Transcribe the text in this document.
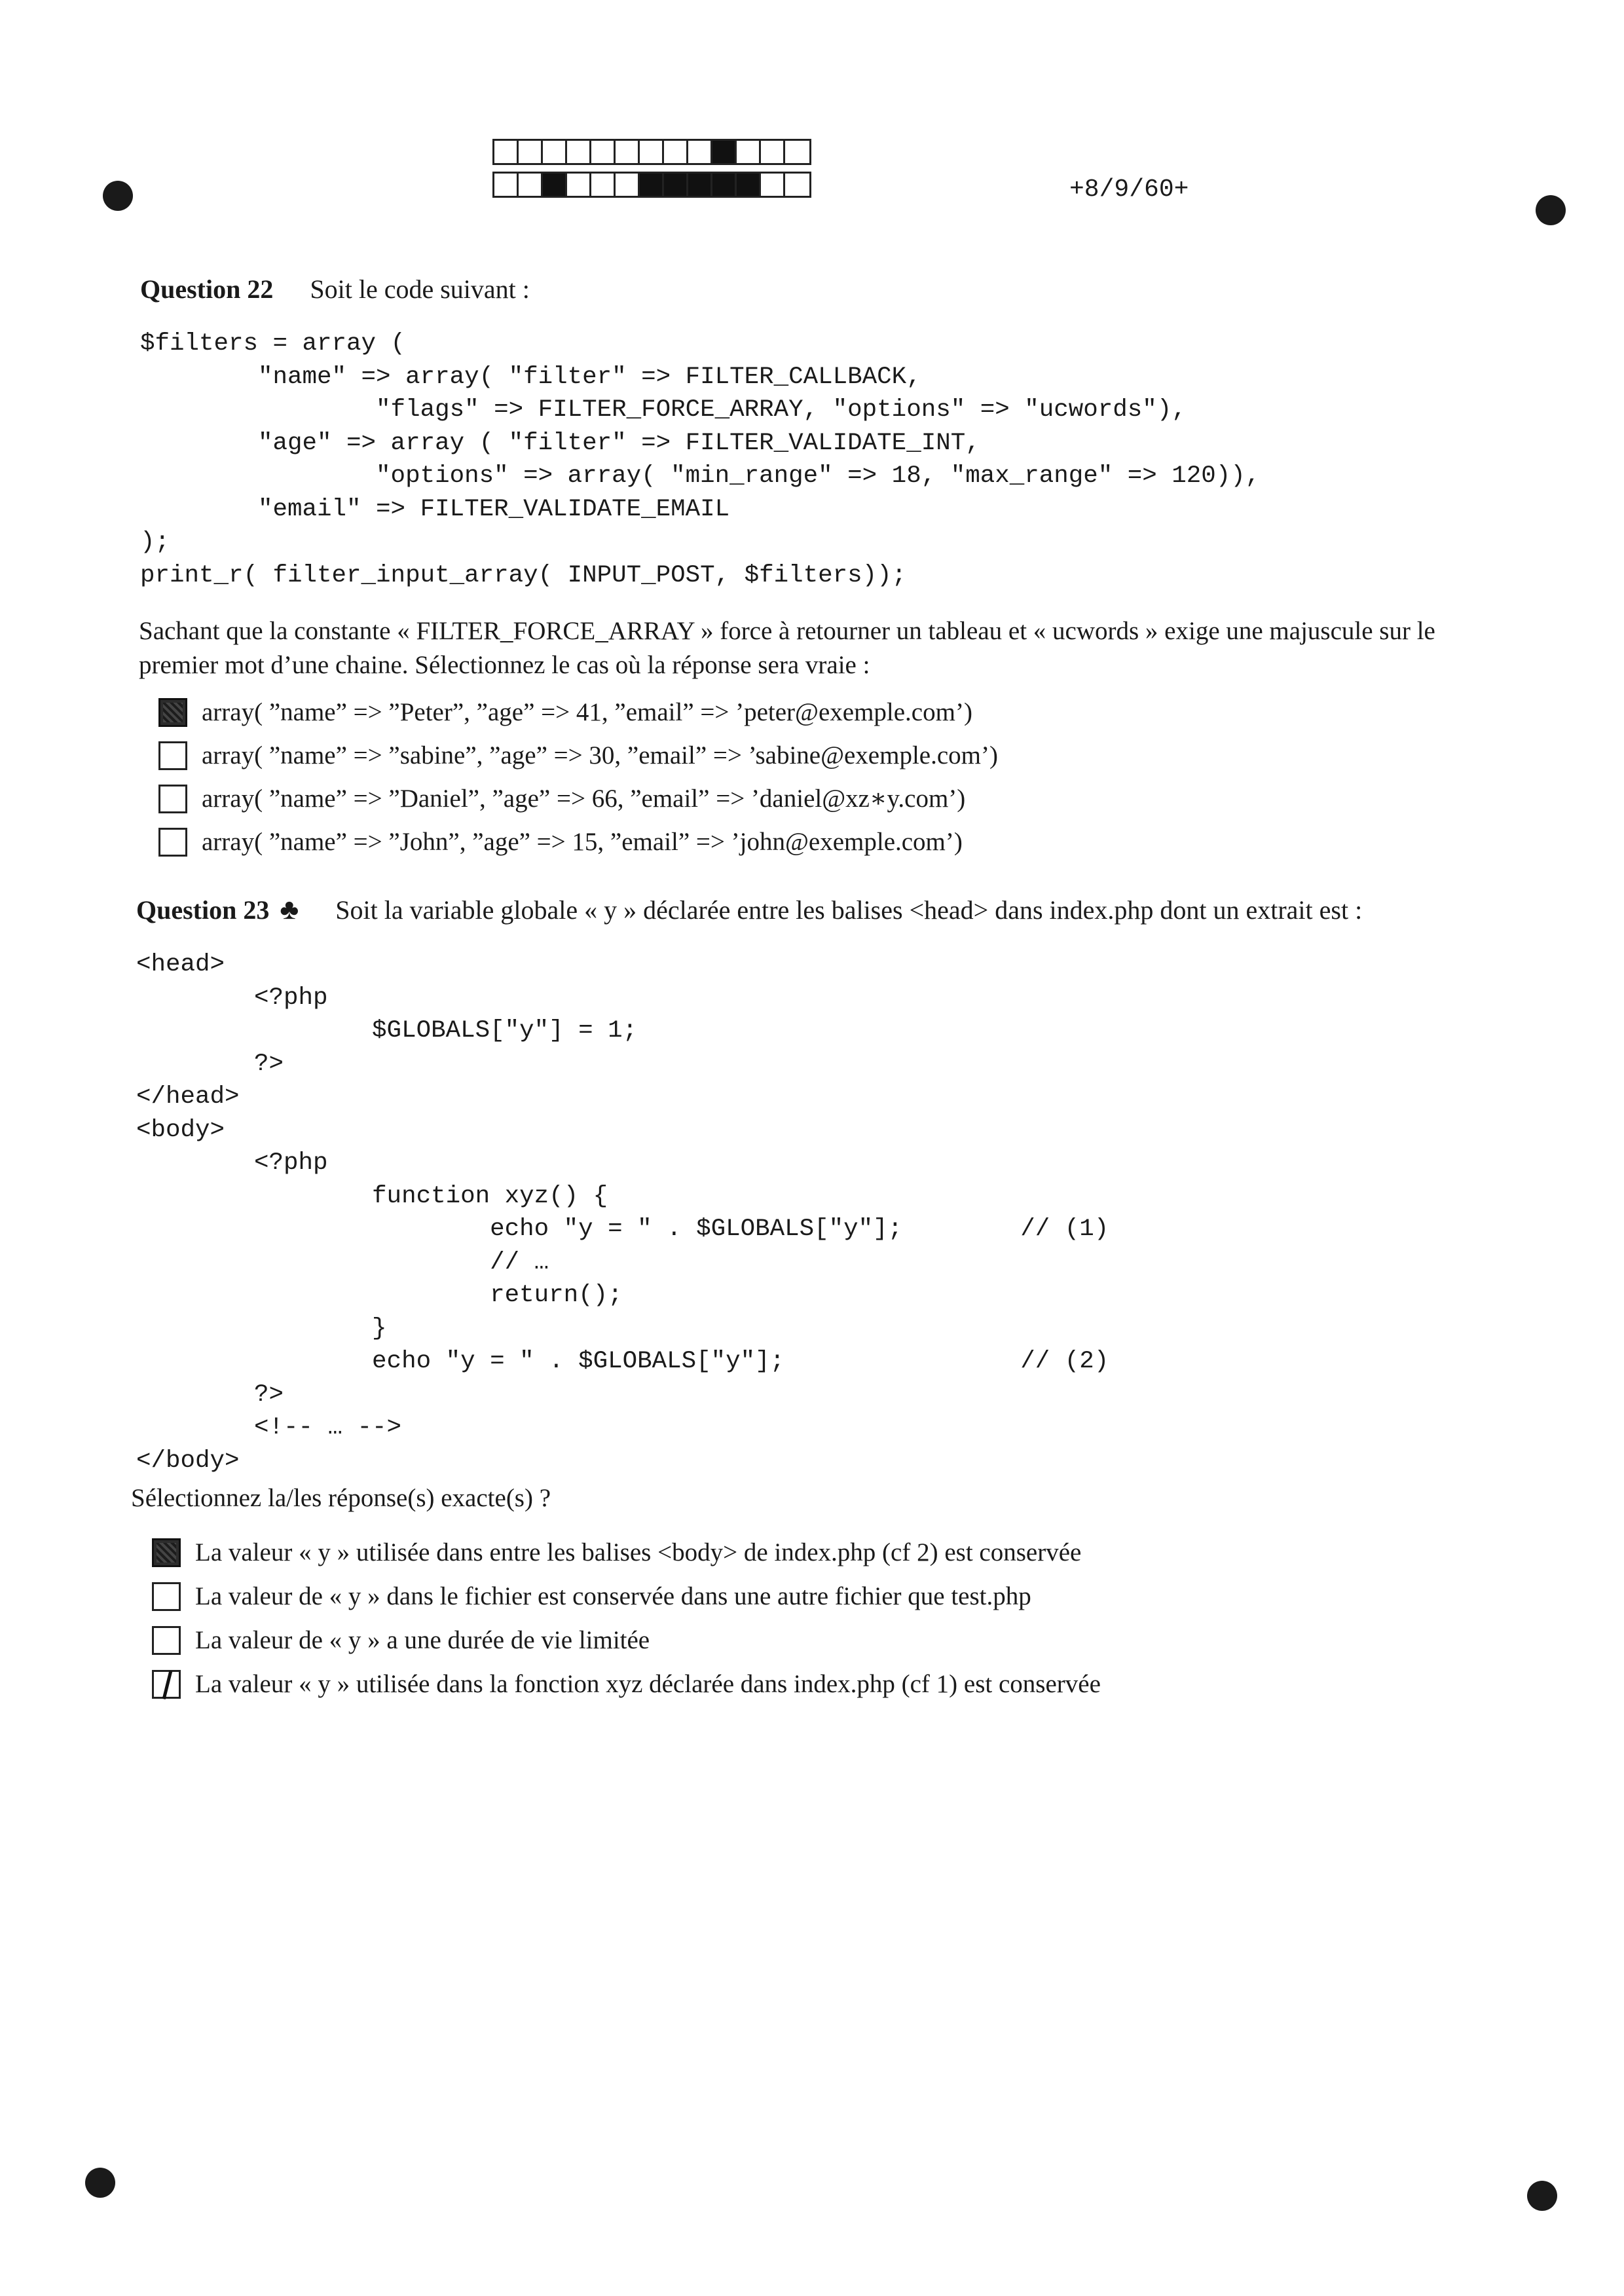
+8/9/60+
Question 22 Soit le code suivant :
$filters = array (
"name" => array( "filter" => FILTER_CALLBACK,
"flags" => FILTER_FORCE_ARRAY, "options" => "ucwords"),
"age" => array ( "filter" => FILTER_VALIDATE_INT,
"options" => array( "min_range" => 18, "max_range" => 120)),
"email" => FILTER_VALIDATE_EMAIL
);
print_r( filter_input_array( INPUT_POST, $filters));
Sachant que la constante « FILTER_FORCE_ARRAY » force à retourner un tableau et « ucwords » exige une majuscule sur le
premier mot d’une chaine. Sélectionnez le cas où la réponse sera vraie :
array( ”name” => ”Peter”, ”age” => 41, ”email” => ’peter@exemple.com’)
array( ”name” => ”sabine”, ”age” => 30, ”email” => ’sabine@exemple.com’)
array( ”name” => ”Daniel”, ”age” => 66, ”email” => ’daniel@xz∗y.com’)
array( ”name” => ”John”, ”age” => 15, ”email” => ’john@exemple.com’)
Question 23 ♣ Soit la variable globale « y » déclarée entre les balises <head> dans index.php dont un extrait est :
<head>
<?php
$GLOBALS["y"] = 1;
?>
</head>
<body>
<?php
function xyz() {
echo "y = " . $GLOBALS["y"];        // (1)
// …
return();
}
echo "y = " . $GLOBALS["y"];                // (2)
?>
<!-- … -->
</body>
Sélectionnez la/les réponse(s) exacte(s) ?
La valeur « y » utilisée dans entre les balises <body> de index.php (cf 2) est conservée
La valeur de « y » dans le fichier est conservée dans une autre fichier que test.php
La valeur de « y » a une durée de vie limitée
La valeur « y » utilisée dans la fonction xyz déclarée dans index.php (cf 1) est conservée
